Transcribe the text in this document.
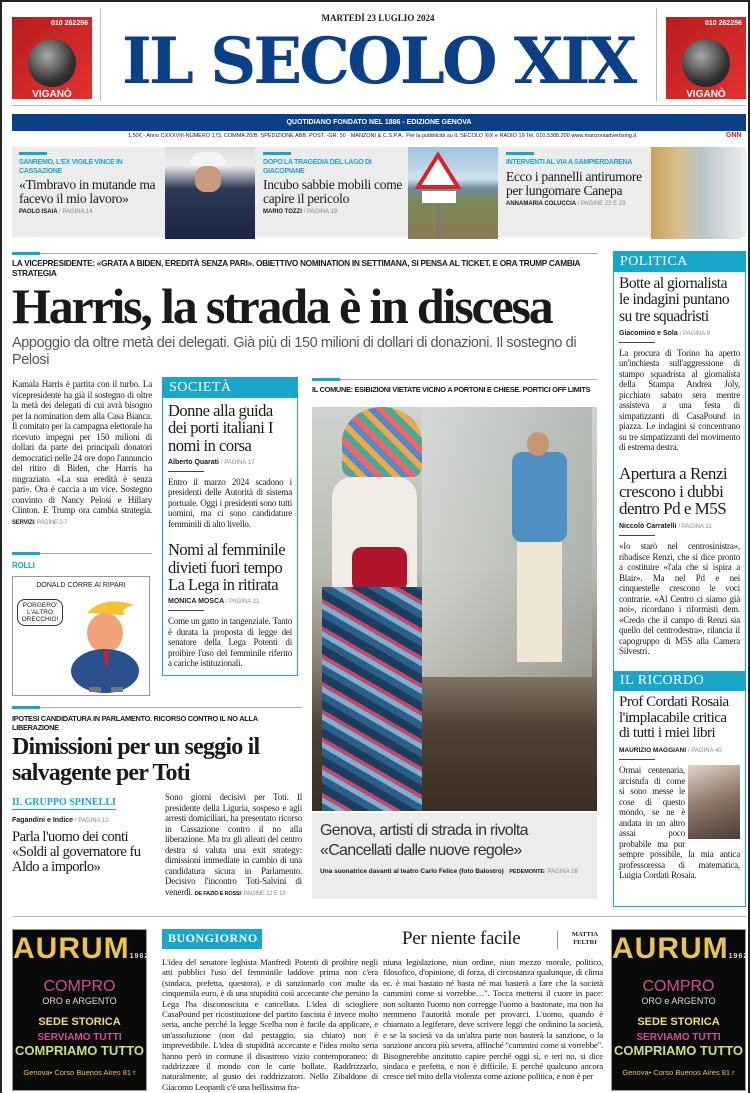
010 262256
VIGANÒ
010 262256
VIGANÒ
MARTEDÌ 23 LUGLIO 2024
IL SECOLO XIX
QUOTIDIANO FONDATO NEL 1886 - EDIZIONE GENOVA
1,50€ - Anno CXXXVIII-NUMERO 173, COMMA 20/B. SPEDIZIONE ABB. POST. -GR. 50 - MANZONI & C.S.P.A.: Per la pubblicità su IL SECOLO XIX e RADIO 19 Tel. 010.5388.200 www.manzoniadvertising.it	GNN
SANREMO, L'EX VIGILE VINCE IN CASSAZIONE
«Timbravo in mutande ma facevo il mio lavoro»
PAOLO ISAIA / PAGINA 14
DOPO LA TRAGEDIA DEL LAGO DI GIACOPIANE
Incubo sabbie mobili come capire il pericolo
MARIO TOZZI / PAGINA 19
INTERVENTI AL VIA A SAMPIERDARENA
Ecco i pannelli antirumore per lungomare Canepa
ANNAMARIA COLUCCIA / PAGINE 22 E 23
LA VICEPRESIDENTE: «GRATA A BIDEN, EREDITÀ SENZA PARI». OBIETTIVO NOMINATION IN SETTIMANA, SI PENSA AL TICKET. E ORA TRUMP CAMBIA STRATEGIA
Harris, la strada è in discesa
Appoggio da oltre metà dei delegati. Già più di 150 milioni di dollari di donazioni. Il sostegno di Pelosi
Kamala Harris è partita con il turbo. La vicepresidente ha già il sostegno di oltre la metà dei delegati di cui avrà bisogno per la nomination dem alla Casa Bianca. Il comitato per la campagna elettorale ha ricevuto impegni per 150 milioni di dollari da parte dei principali donatori democratici nelle 24 ore dopo l'annuncio del ritiro di Biden, che Harris ha ringraziato. «La sua eredità è senza pari». Ora è caccia a un vice. Sostegno convinto di Nancy Pelosi e Hillary Clinton. E Trump ora cambia strategia. SERVIZI/ PAGINE 2-7
ROLLI
DONALD CORRE AI RIPARI
PORGERO' L'ALTRO ORECCHIO!
SOCIETÀ
Donne alla guida dei porti italiani I nomi in corsa
Alberto Quarati / PAGINA 17
Entro il marzo 2024 scadono i presidenti delle Autorità di sistema portuale. Oggi i presidenti sono tutti uomini, ma ci sono candidature femminili di alto livello.
Nomi al femminile divieti fuori tempo La Lega in ritirata
MONICA MOSCA / PAGINA 21
Come un gatto in tangenziale. Tanto è durata la proposta di legge del senatore della Lega Potenti di proibire l'uso del femminile riferito a cariche istituzionali.
IL COMUNE: ESIBIZIONI VIETATE VICINO A PORTONI E CHIESE. PORTICI OFF LIMITS
Genova, artisti di strada in rivolta «Cancellati dalle nuove regole»
Una suonatrice davanti al teatro Carlo Felice (foto Balostro) PEDEMONTE/ PAGINA 16
IPOTESI CANDIDATURA IN PARLAMENTO. RICORSO CONTRO IL NO ALLA LIBERAZIONE
Dimissioni per un seggio il salvagente per Toti
IL GRUPPO SPINELLI
Fagandini e Indice / PAGINA 12
Parla l'uomo dei conti «Soldi al governatore fu Aldo a imporlo»
Sono giorni decisivi per Toti. Il presidente della Liguria, sospeso e agli arresti domiciliari, ha presentato ricorso in Cassazione contro il no alla liberazione. Ma tra gli alleati del centro destra si valuta una exit strategy: dimissioni immediate in cambio di una candidatura sicura in Parlamento. Decisivo l'incontro Toti-Salvini di venerdì. DE FAZIO E ROSSI/ PAGINE 12 E 13
POLITICA
Botte al giornalista le indagini puntano su tre squadristi
Giacomino e Sola / PAGINA 9
La procura di Torino ha aperto un'inchiesta sull'aggressione di stampo squadrista al giornalista della Stampa Andrea Joly, picchiato sabato sera mentre assisteva a una festa di simpatizzanti di CasaPound in piazza. Le indagini si concentrano su tre simpatizzanti del movimento di estrema destra.
Apertura a Renzi crescono i dubbi dentro Pd e M5S
Niccolò Carratelli / PAGINA 11
«Io starò nel centrosinistra», ribadisce Renzi, che si dice pronto a costituire «l'ala che si ispira a Blair». Ma nel Pd e nei cinquestelle crescono le voci contrarie. «Al Centro ci siamo già noi», ricordano i riformisti dem. «Credo che il campo di Renzi sia quello del centrodestra», rilancia il capogruppo di M5S alla Camera Silvestri.
IL RICORDO
Prof Cordati Rosaia l'implacabile critica di tutti i miei libri
MAURIZIO MAGGIANI / PAGINA 40
Ormai centenaria, arcistufa di come si sono messe le cose di questo mondo, se ne è andata in un altro assai poco probabile ma pur sempre possibile, la mia antica professoressa di matematica, Luigia Cordati Rosaia.
AURUM1962
COMPRO
ORO e ARGENTO
SEDE STORICA
SERVIAMO TUTTI
COMPRIAMO TUTTO
Genova• Corso Buenos Aires 81 r
AURUM1962
COMPRO
ORO e ARGENTO
SEDE STORICA
SERVIAMO TUTTI
COMPRIAMO TUTTO
Genova• Corso Buenos Aires 81 r
BUONGIORNO
L'idea del senatore leghista Manfredi Potenti di proibire negli atti pubblici l'uso del femminile laddove prima non c'era (sindaca, prefetta, questora), e di sanzionarlo con multe da cinquemila euro, è di una stupidità così accecante che persino la Lega l'ha disconosciuta e cancellata. L'idea di sciogliere CasaPound per ricostituzione del partito fascista è invece molto seria, anche perché la legge Scelba non è facile da applicare, e un'assoluzione (non dal pestaggio, sia chiaro) non è imprevedibile. L'idea di stupidità accecante e l'idea molto seria hanno però in comune il disastroso vizio contemporaneo: di raddrizzare il mondo con le carte bollate. Raddrizzarlo, naturalmente, al gusto dei raddrizzatori. Nello Zibaldone di Giacomo Leopardi c'è una bellissima fra-
Per niente facile	MATTIA FELTRI
niuna legislazione, niun ordine, niun mezzo morale, politico, filosofico, d'opinione, di forza, di circostanza qualunque, di clima ec. è mai bastato né basta né mai basterà a fare che la società cammini come si vorrebbe…". Tocca mettersi il cuore in pace: non soltanto l'uomo non corregge l'uomo a bastonate, ma non ha nemmeno l'autorità morale per provarci. L'uomo, quando è chiamato a legiferare, deve scrivere leggi che ordinino la società, e se la società va da un'altra parte non basterà la sanzione, o la sanzione ancora più severa, affinché "cammini come si vorrebbe". Bisognerebbe anzitutto capire perché oggi sì, e ieri no, si dice sindaca e prefetta, e non è difficile. E perché qualcuno ancora cresce nel mito della violenza come azione politica, e non è per
